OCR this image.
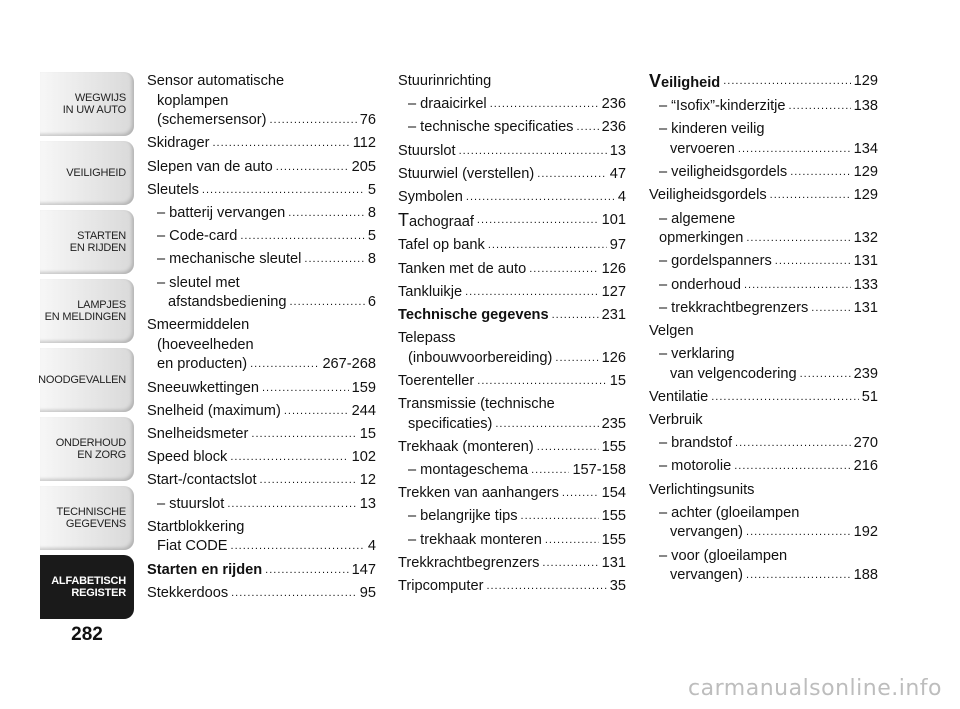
WEGWIJS
IN UW AUTO
VEILIGHEID
STARTEN
EN RIJDEN
LAMPJES
EN MELDINGEN
NOODGEVALLEN
ONDERHOUD
EN ZORG
TECHNISCHE
GEGEVENS
ALFABETISCH
REGISTER
282
Sensor automatische
koplampen
(schemersensor) .....	76
Skidrager .....	112
Slepen van de auto .....	205
Sleutels .....	5
– batterij vervangen .....	8
– Code-card .....	5
– mechanische sleutel .....	8
– sleutel met
afstandsbediening .....	6
Smeermiddelen
(hoeveelheden
en producten) .....	267-268
Sneeuwkettingen .....	159
Snelheid (maximum) .....	244
Snelheidsmeter .....	15
Speed block .....	102
Start-/contactslot .....	12
– stuurslot .....	13
Startblokkering
Fiat CODE .....	4
Starten en rijden .....	147
Stekkerdoos .....	95
Stuurinrichting
– draaicirkel .....	236
– technische specificaties ..... 236
Stuurslot .....	13
Stuurwiel (verstellen) .....	47
Symbolen .....	4
Tachograaf .....	101
Tafel op bank .....	97
Tanken met de auto .....	126
Tankluikje .....	127
Technische gegevens .....	231
Telepass
(inbouwvoorbereiding) .....	126
Toerenteller .....	15
Transmissie (technische
specificaties) .....	235
Trekhaak (monteren) .....	155
– montageschema .....	157-158
Trekken van aanhangers .....	154
– belangrijke tips .....	155
– trekhaak monteren .....	155
Trekkrachtbegrenzers .....	131
Tripcomputer .....	35
Veiligheid .....	129
– “Isofix”-kinderzitje .....	138
– kinderen veilig
vervoeren .....	134
– veiligheidsgordels .....	129
Veiligheidsgordels .....	129
– algemene
opmerkingen .....	132
– gordelspanners .....	131
– onderhoud .....	133
– trekkrachtbegrenzers .....	131
Velgen
– verklaring
van velgencodering .....	239
Ventilatie .....	51
Verbruik
– brandstof .....	270
– motorolie .....	216
Verlichtingsunits
– achter (gloeilampen
vervangen) .....	192
– voor (gloeilampen
vervangen) .....	188
carmanualsonline.info
